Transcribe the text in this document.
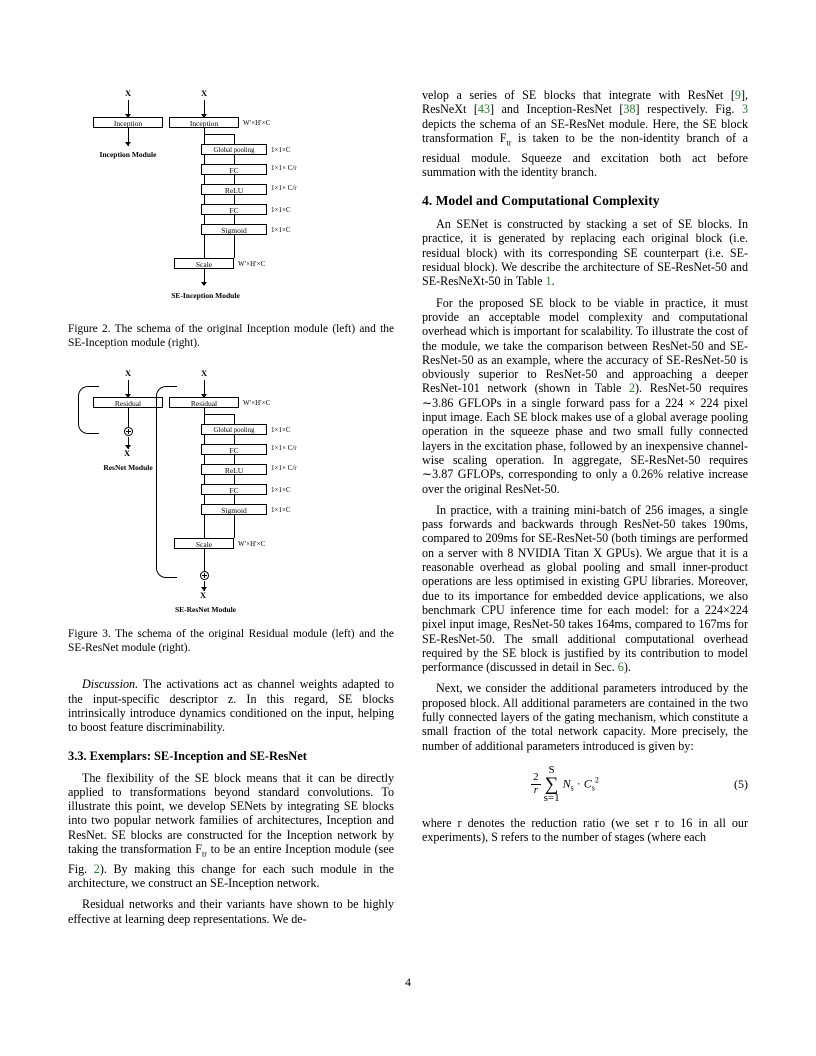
X
Inception
Inception Module
X
Inception	W′×H′×C
Global pooling	1×1×C
FC	1×1× C/r
ReLU	1×1× C/r
FC	1×1×C
Sigmoid	1×1×C
Scale	W′×H′×C
SE-Inception Module

Figure 2. The schema of the original Inception module (left) and the SE-Inception module (right).

X
Residual
X
ResNet Module
X
Residual	W′×H′×C
Global pooling	1×1×C
FC	1×1× C/r
ReLU	1×1× C/r
FC	1×1×C
Sigmoid	1×1×C
Scale	W′×H′×C
X
SE-ResNet Module

Figure 3. The schema of the original Residual module (left) and the SE-ResNet module (right).

Discussion. The activations act as channel weights adapted to the input-specific descriptor z. In this regard, SE blocks intrinsically introduce dynamics conditioned on the input, helping to boost feature discriminability.

3.3. Exemplars: SE-Inception and SE-ResNet

The flexibility of the SE block means that it can be directly applied to transformations beyond standard convolutions. To illustrate this point, we develop SENets by integrating SE blocks into two popular network families of architectures, Inception and ResNet. SE blocks are constructed for the Inception network by taking the transformation $F_{tr}$ to be an entire Inception module (see Fig. 2). By making this change for each such module in the architecture, we construct an SE-Inception network.

Residual networks and their variants have shown to be highly effective at learning deep representations. We de-

velop a series of SE blocks that integrate with ResNet [9], ResNeXt [43] and Inception-ResNet [38] respectively. Fig. 3 depicts the schema of an SE-ResNet module. Here, the SE block transformation $F_{tr}$ is taken to be the non-identity branch of a residual module. Squeeze and excitation both act before summation with the identity branch.

4. Model and Computational Complexity

An SENet is constructed by stacking a set of SE blocks. In practice, it is generated by replacing each original block (i.e. residual block) with its corresponding SE counterpart (i.e. SE-residual block). We describe the architecture of SE-ResNet-50 and SE-ResNeXt-50 in Table 1.

For the proposed SE block to be viable in practice, it must provide an acceptable model complexity and computational overhead which is important for scalability. To illustrate the cost of the module, we take the comparison between ResNet-50 and SE-ResNet-50 as an example, where the accuracy of SE-ResNet-50 is obviously superior to ResNet-50 and approaching a deeper ResNet-101 network (shown in Table 2). ResNet-50 requires ∼3.86 GFLOPs in a single forward pass for a 224 × 224 pixel input image. Each SE block makes use of a global average pooling operation in the squeeze phase and two small fully connected layers in the excitation phase, followed by an inexpensive channel-wise scaling operation. In aggregate, SE-ResNet-50 requires ∼3.87 GFLOPs, corresponding to only a 0.26% relative increase over the original ResNet-50.

In practice, with a training mini-batch of 256 images, a single pass forwards and backwards through ResNet-50 takes 190ms, compared to 209ms for SE-ResNet-50 (both timings are performed on a server with 8 NVIDIA Titan X GPUs). We argue that it is a reasonable overhead as global pooling and small inner-product operations are less optimised in existing GPU libraries. Moreover, due to its importance for embedded device applications, we also benchmark CPU inference time for each model: for a 224×224 pixel input image, ResNet-50 takes 164ms, compared to 167ms for SE-ResNet-50. The small additional computational overhead required by the SE block is justified by its contribution to model performance (discussed in detail in Sec. 6).

Next, we consider the additional parameters introduced by the proposed block. All additional parameters are contained in the two fully connected layers of the gating mechanism, which constitute a small fraction of the total network capacity. More precisely, the number of additional parameters introduced is given by:

$\frac{2}{r}$

S
∑
s=1
$N_s \cdot C_s^2$	(5)

where r denotes the reduction ratio (we set r to 16 in all our experiments), S refers to the number of stages (where each

4
